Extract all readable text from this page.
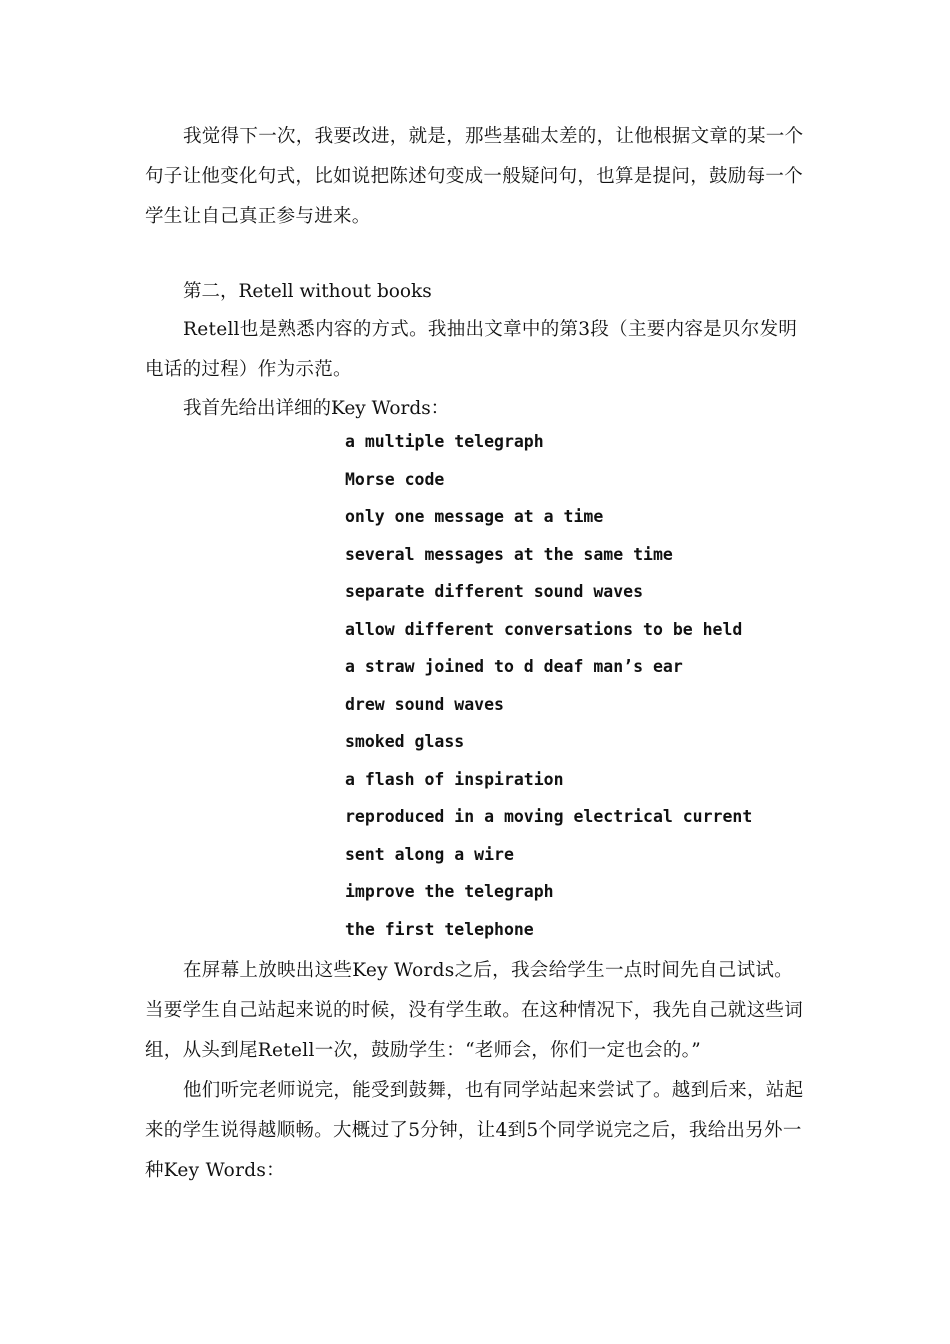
我觉得下一次，我要改进，就是，那些基础太差的，让他根据文章的某一个句子让他变化句式，比如说把陈述句变成一般疑问句，也算是提问，鼓励每一个学生让自己真正参与进来。

第二，Retell without books

Retell也是熟悉内容的方式。我抽出文章中的第3段（主要内容是贝尔发明电话的过程）作为示范。

我首先给出详细的Key Words：

a multiple telegraph
Morse code
only one message at a time
several messages at the same time
separate different sound waves
allow different conversations to be held
a straw joined to d deaf man’s ear
drew sound waves
smoked glass
a flash of inspiration
reproduced in a moving electrical current
sent along a wire
improve the telegraph
the first telephone

在屏幕上放映出这些Key Words之后，我会给学生一点时间先自己试试。当要学生自己站起来说的时候，没有学生敢。在这种情况下，我先自己就这些词组，从头到尾Retell一次，鼓励学生：“老师会，你们一定也会的。”

他们听完老师说完，能受到鼓舞，也有同学站起来尝试了。越到后来，站起来的学生说得越顺畅。大概过了5分钟，让4到5个同学说完之后，我给出另外一种Key Words：
